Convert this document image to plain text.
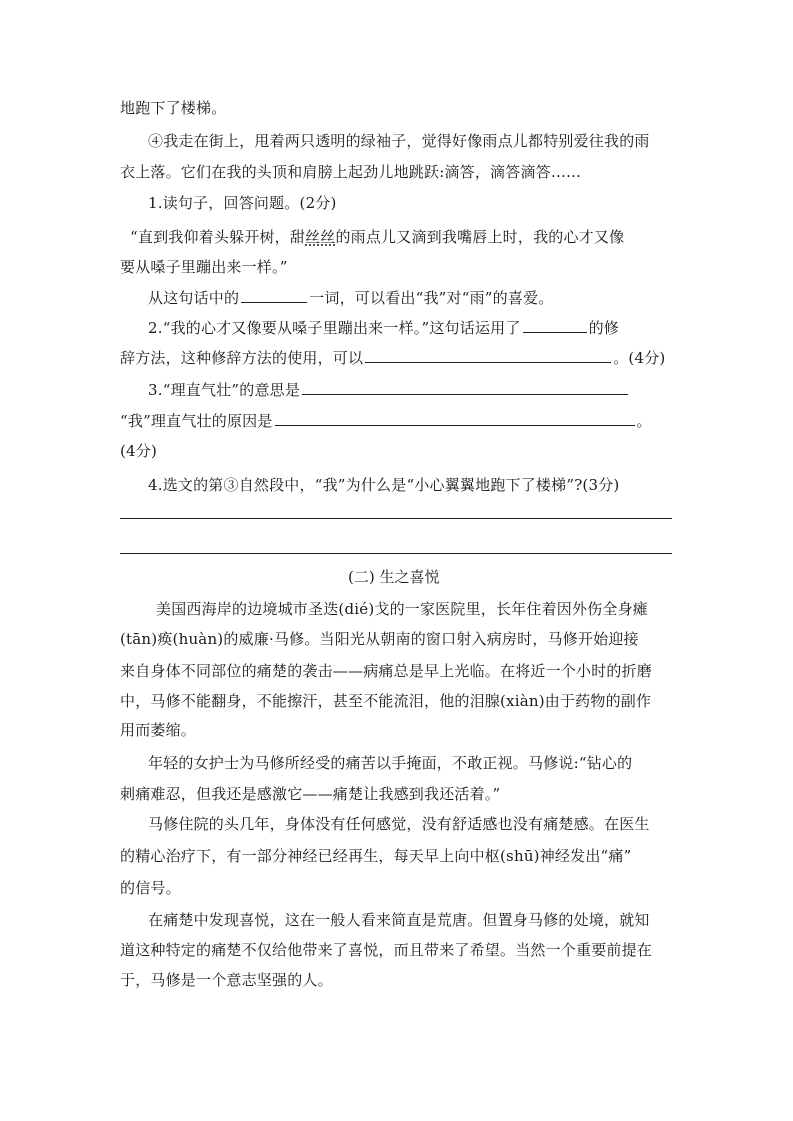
地跑下了楼梯。
④我走在街上，甩着两只透明的绿袖子，觉得好像雨点儿都特别爱往我的雨
衣上落。它们在我的头顶和肩膀上起劲儿地跳跃:滴答，滴答滴答……
1.读句子，回答问题。(2分)
“直到我仰着头躲开树，甜丝丝的雨点儿又滴到我嘴唇上时，我的心才又像
要从嗓子里蹦出来一样。”
从这句话中的	一词，可以看出“我”对“雨”的喜爱。
2.“我的心才又像要从嗓子里蹦出来一样。”这句话运用了	的修
辞方法，这种修辞方法的使用，可以	。(4分)
3.“理直气壮”的意思是
“我”理直气壮的原因是	。
(4分)
4.选文的第③自然段中，“我”为什么是“小心翼翼地跑下了楼梯”?(3分)
(二) 生之喜悦
美国西海岸的边境城市圣迭(dié)戈的一家医院里，长年住着因外伤全身瘫
(tān)痪(huàn)的威廉·马修。当阳光从朝南的窗口射入病房时，马修开始迎接
来自身体不同部位的痛楚的袭击——病痛总是早上光临。在将近一个小时的折磨
中，马修不能翻身，不能擦汗，甚至不能流泪，他的泪腺(xiàn)由于药物的副作
用而萎缩。
年轻的女护士为马修所经受的痛苦以手掩面，不敢正视。马修说:“钻心的
刺痛难忍，但我还是感激它——痛楚让我感到我还活着。”
马修住院的头几年，身体没有任何感觉，没有舒适感也没有痛楚感。在医生
的精心治疗下，有一部分神经已经再生，每天早上向中枢(shū)神经发出“痛”
的信号。
在痛楚中发现喜悦，这在一般人看来简直是荒唐。但置身马修的处境，就知
道这种特定的痛楚不仅给他带来了喜悦，而且带来了希望。当然一个重要前提在
于，马修是一个意志坚强的人。
